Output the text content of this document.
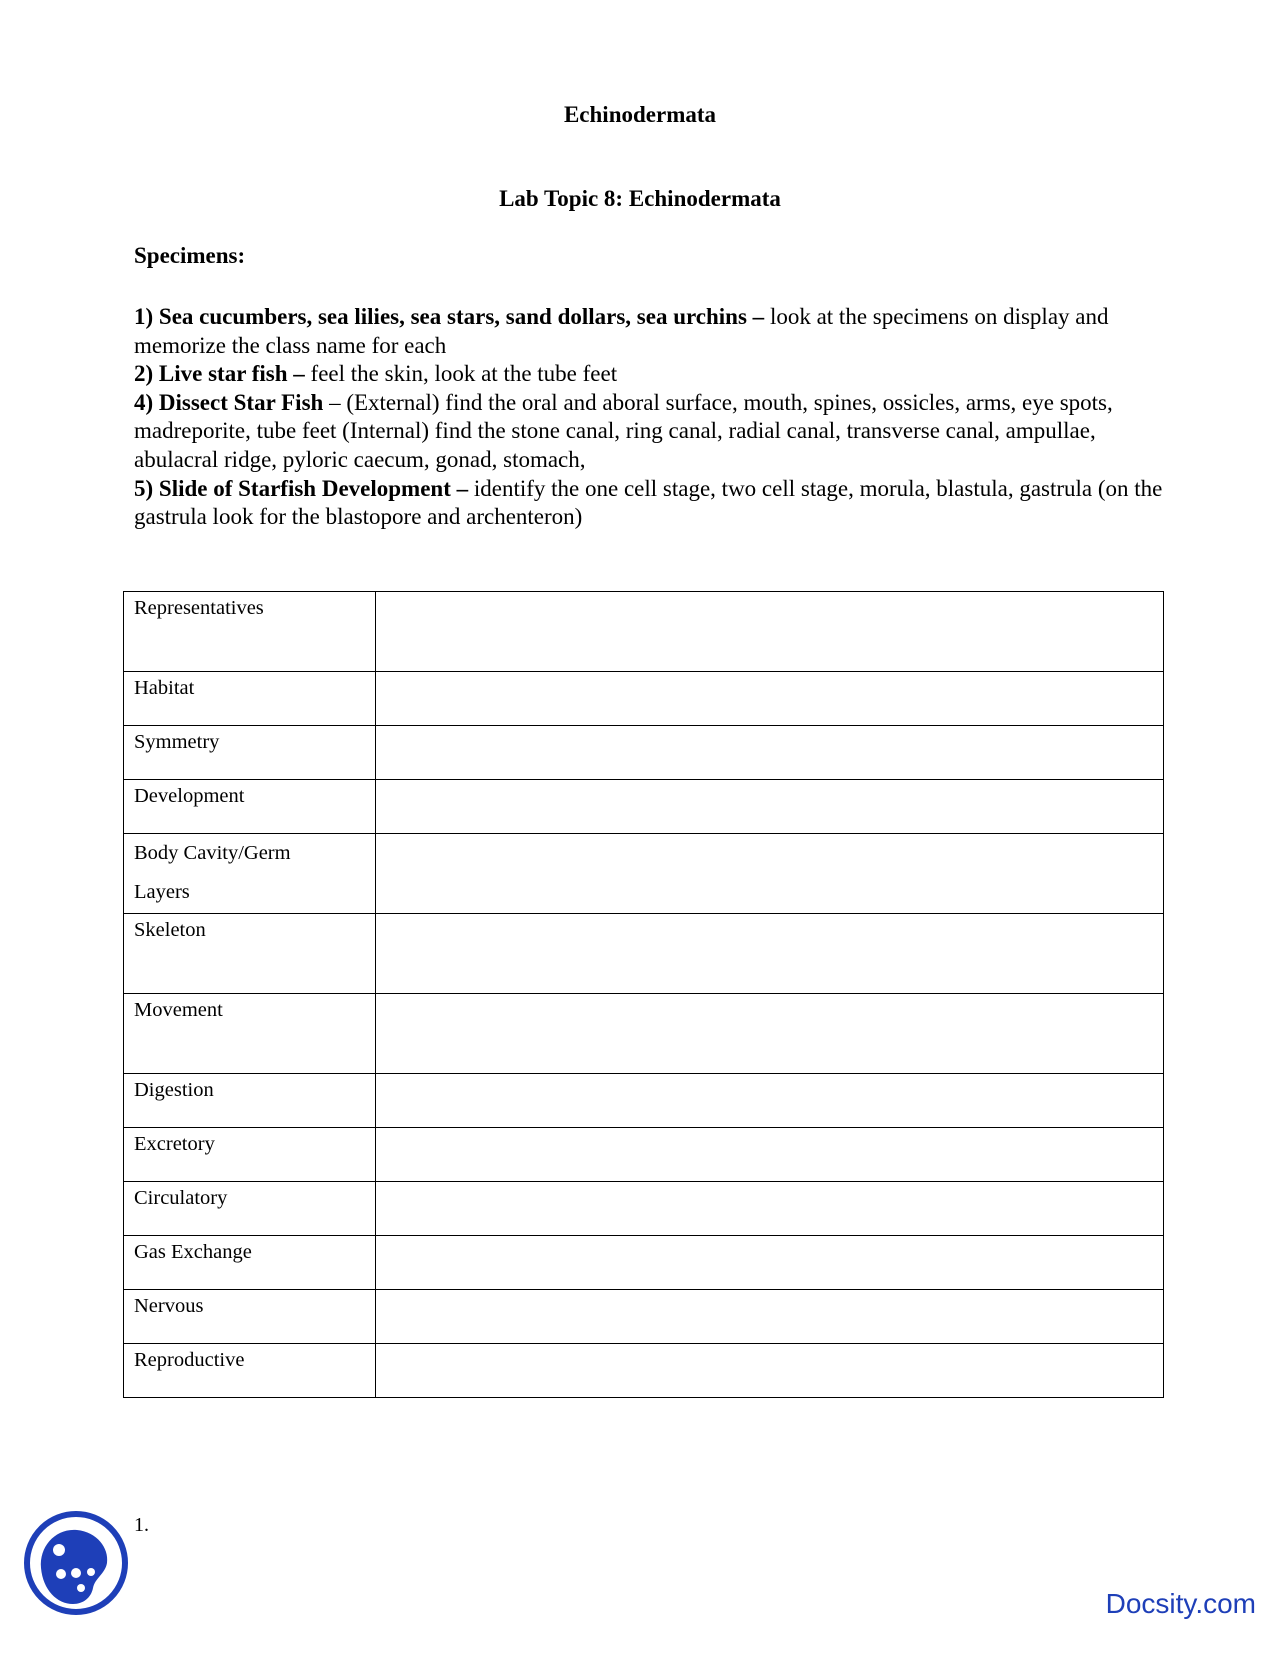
Echinodermata
Lab Topic 8: Echinodermata
Specimens:

1) Sea cucumbers, sea lilies, sea stars, sand dollars, sea urchins – look at the specimens on display and memorize the class name for each

2) Live star fish – feel the skin, look at the tube feet

4) Dissect Star Fish – (External) find the oral and aboral surface, mouth, spines, ossicles, arms, eye spots, madreporite, tube feet (Internal) find the stone canal, ring canal, radial canal, transverse canal, ampullae, abulacral ridge, pyloric caecum, gonad, stomach,

5) Slide of Starfish Development – identify the one cell stage, two cell stage, morula, blastula, gastrula (on the gastrula look for the blastopore and archenteron)

Representatives	
Habitat	
Symmetry	
Development	

Body Cavity/Germ
Layers	

Skeleton	
Movement	
Digestion	
Excretory	
Circulatory	
Gas Exchange	
Nervous	
Reproductive	
1.
Docsity.com
